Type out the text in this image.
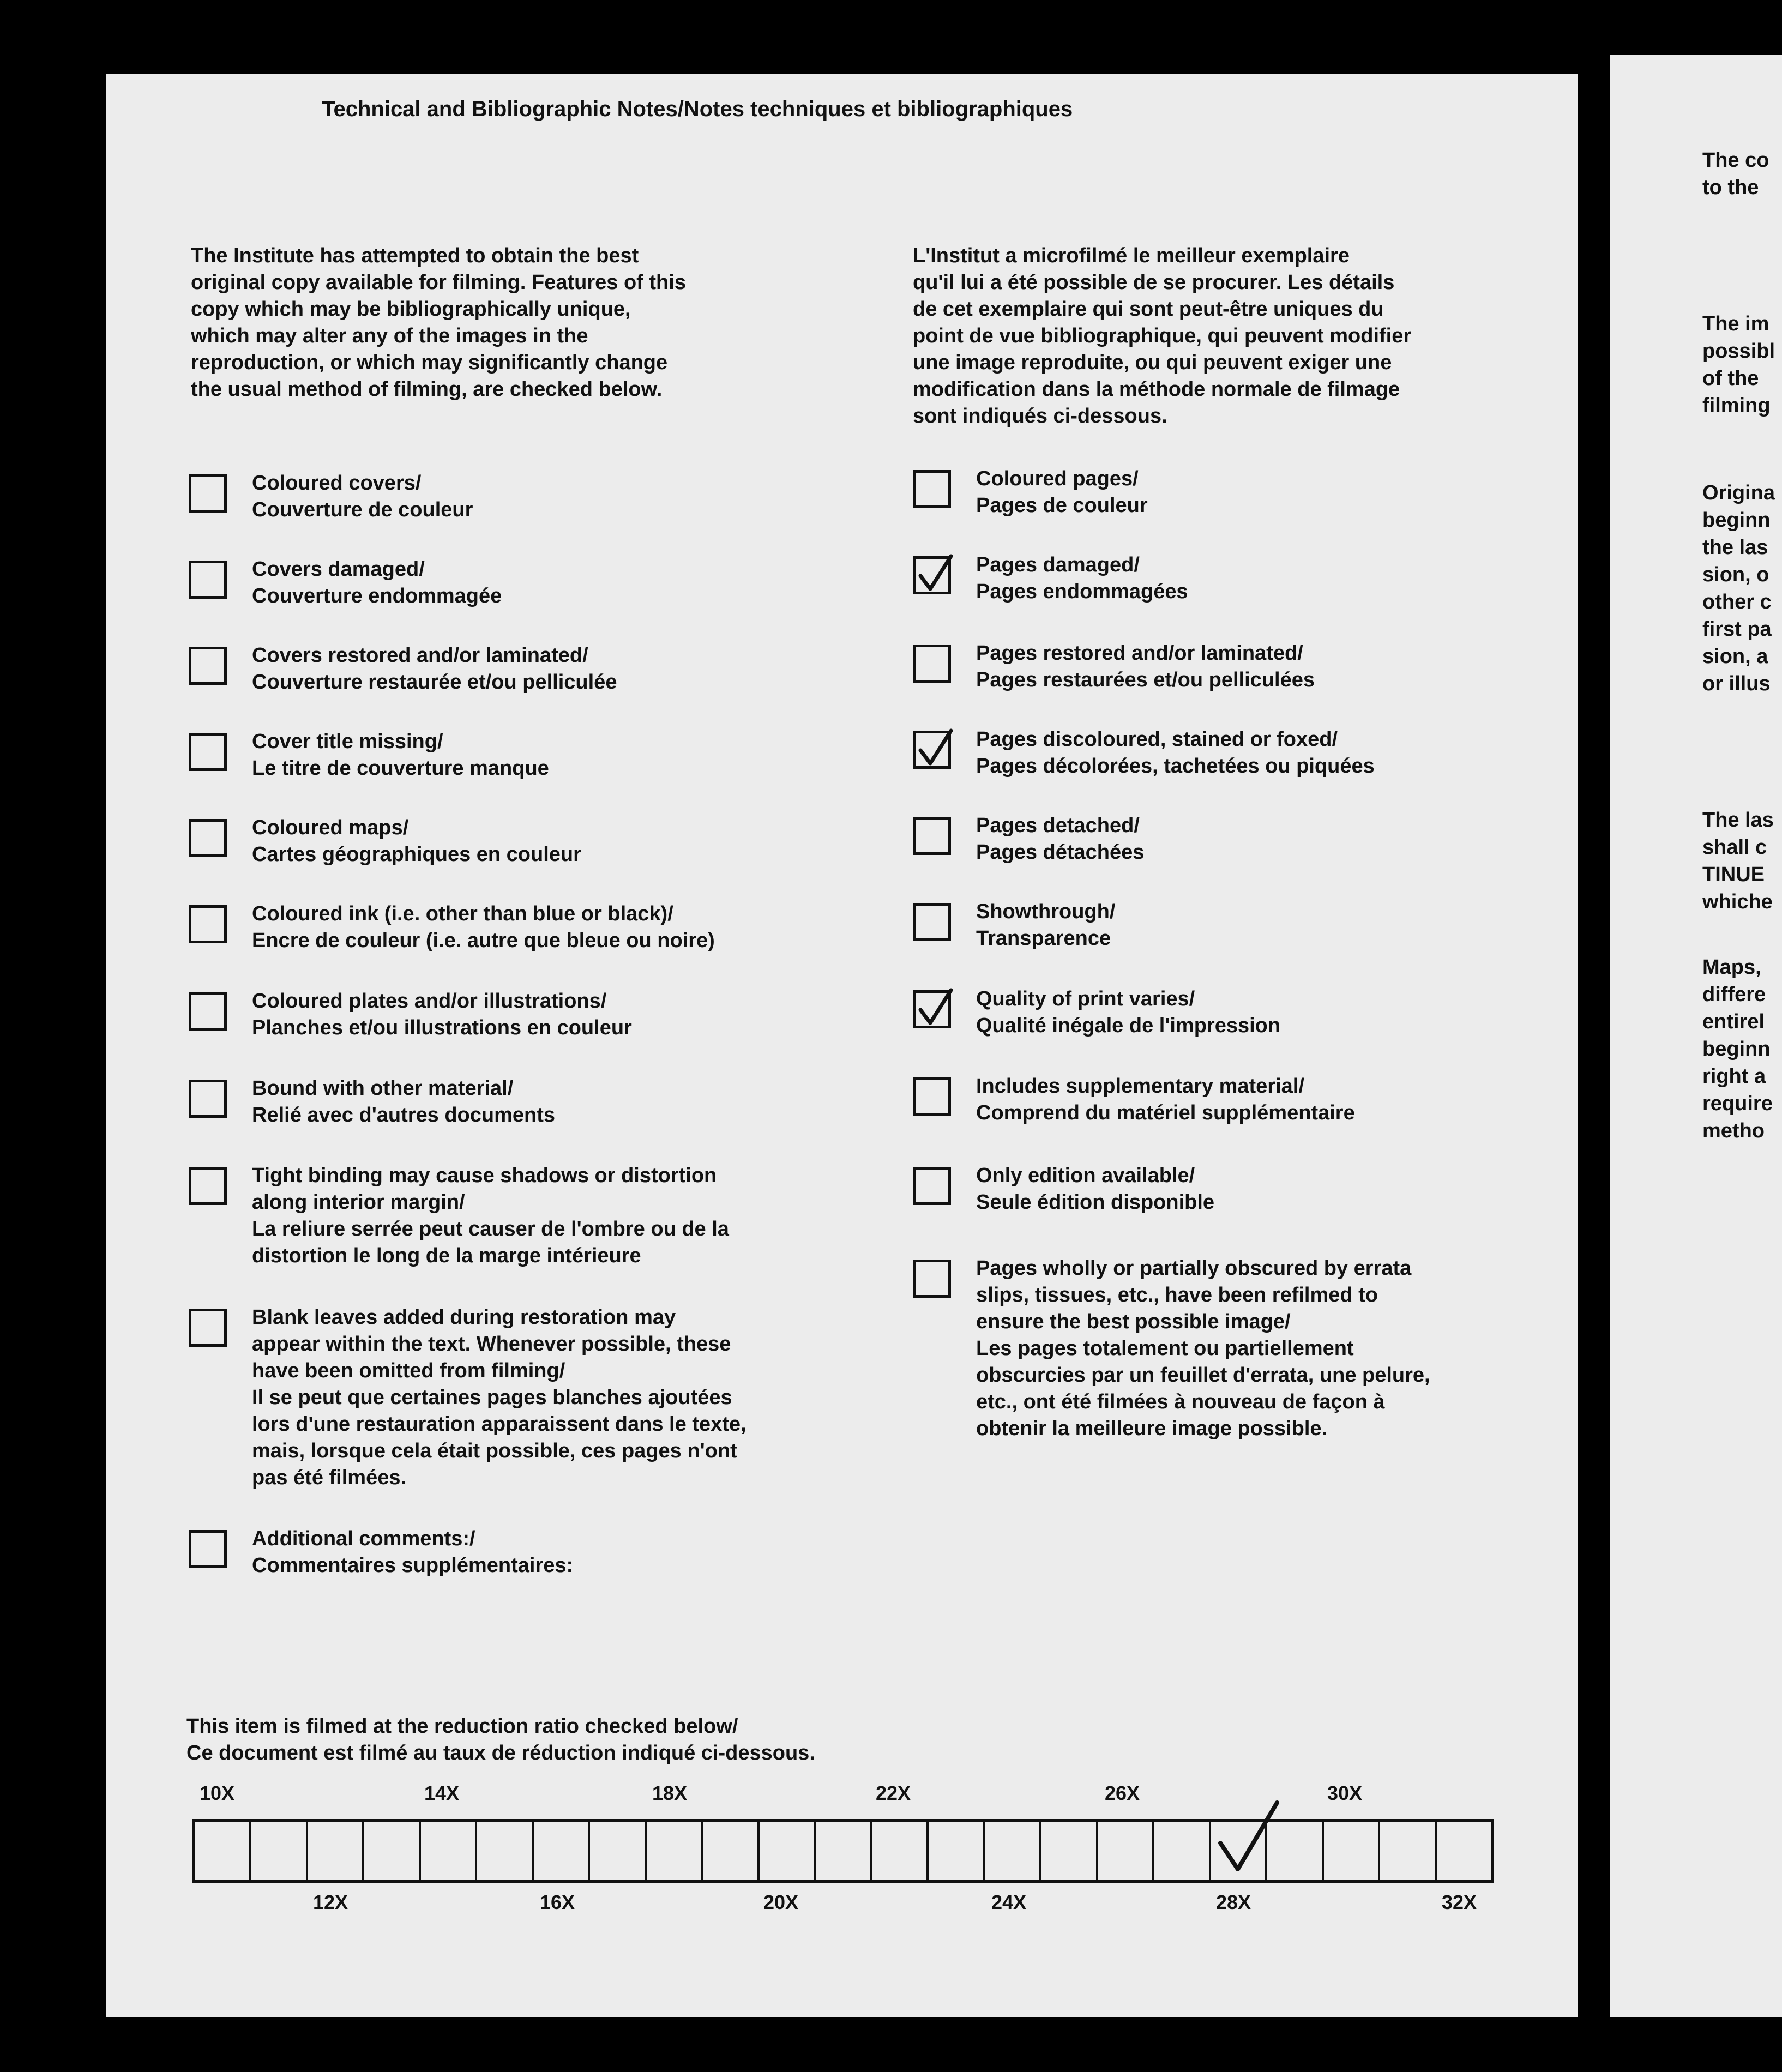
Technical and Bibliographic Notes/Notes techniques et bibliographiques
The Institute has attempted to obtain the best
original copy available for filming. Features of this
copy which may be bibliographically unique,
which may alter any of the images in the
reproduction, or which may significantly change
the usual method of filming, are checked below.
L'Institut a microfilmé le meilleur exemplaire
qu'il lui a été possible de se procurer. Les détails
de cet exemplaire qui sont peut-être uniques du
point de vue bibliographique, qui peuvent modifier
une image reproduite, ou qui peuvent exiger une
modification dans la méthode normale de filmage
sont indiqués ci-dessous.
Coloured covers/
Couverture de couleur
Covers damaged/
Couverture endommagée
Covers restored and/or laminated/
Couverture restaurée et/ou pelliculée
Cover title missing/
Le titre de couverture manque
Coloured maps/
Cartes géographiques en couleur
Coloured ink (i.e. other than blue or black)/
Encre de couleur (i.e. autre que bleue ou noire)
Coloured plates and/or illustrations/
Planches et/ou illustrations en couleur
Bound with other material/
Relié avec d'autres documents
Tight binding may cause shadows or distortion
along interior margin/
La reliure serrée peut causer de l'ombre ou de la
distortion le long de la marge intérieure
Blank leaves added during restoration may
appear within the text. Whenever possible, these
have been omitted from filming/
Il se peut que certaines pages blanches ajoutées
lors d'une restauration apparaissent dans le texte,
mais, lorsque cela était possible, ces pages n'ont
pas été filmées.
Additional comments:/
Commentaires supplémentaires:
Coloured pages/
Pages de couleur
Pages damaged/
Pages endommagées
Pages restored and/or laminated/
Pages restaurées et/ou pelliculées
Pages discoloured, stained or foxed/
Pages décolorées, tachetées ou piquées
Pages detached/
Pages détachées
Showthrough/
Transparence
Quality of print varies/
Qualité inégale de l'impression
Includes supplementary material/
Comprend du matériel supplémentaire
Only edition available/
Seule édition disponible
Pages wholly or partially obscured by errata
slips, tissues, etc., have been refilmed to
ensure the best possible image/
Les pages totalement ou partiellement
obscurcies par un feuillet d'errata, une pelure,
etc., ont été filmées à nouveau de façon à
obtenir la meilleure image possible.
This item is filmed at the reduction ratio checked below/
Ce document est filmé au taux de réduction indiqué ci-dessous.
10X	14X	18X	22X	26X	30X
12X	16X	20X	24X	28X	32X
The co
to the
The im
possibl
of the
filming
Origina
beginn
the las
sion, o
other c
first pa
sion, a
or illus
The las
shall c
TINUE
whiche
Maps,
differe
entirel
beginn
right a
require
metho
